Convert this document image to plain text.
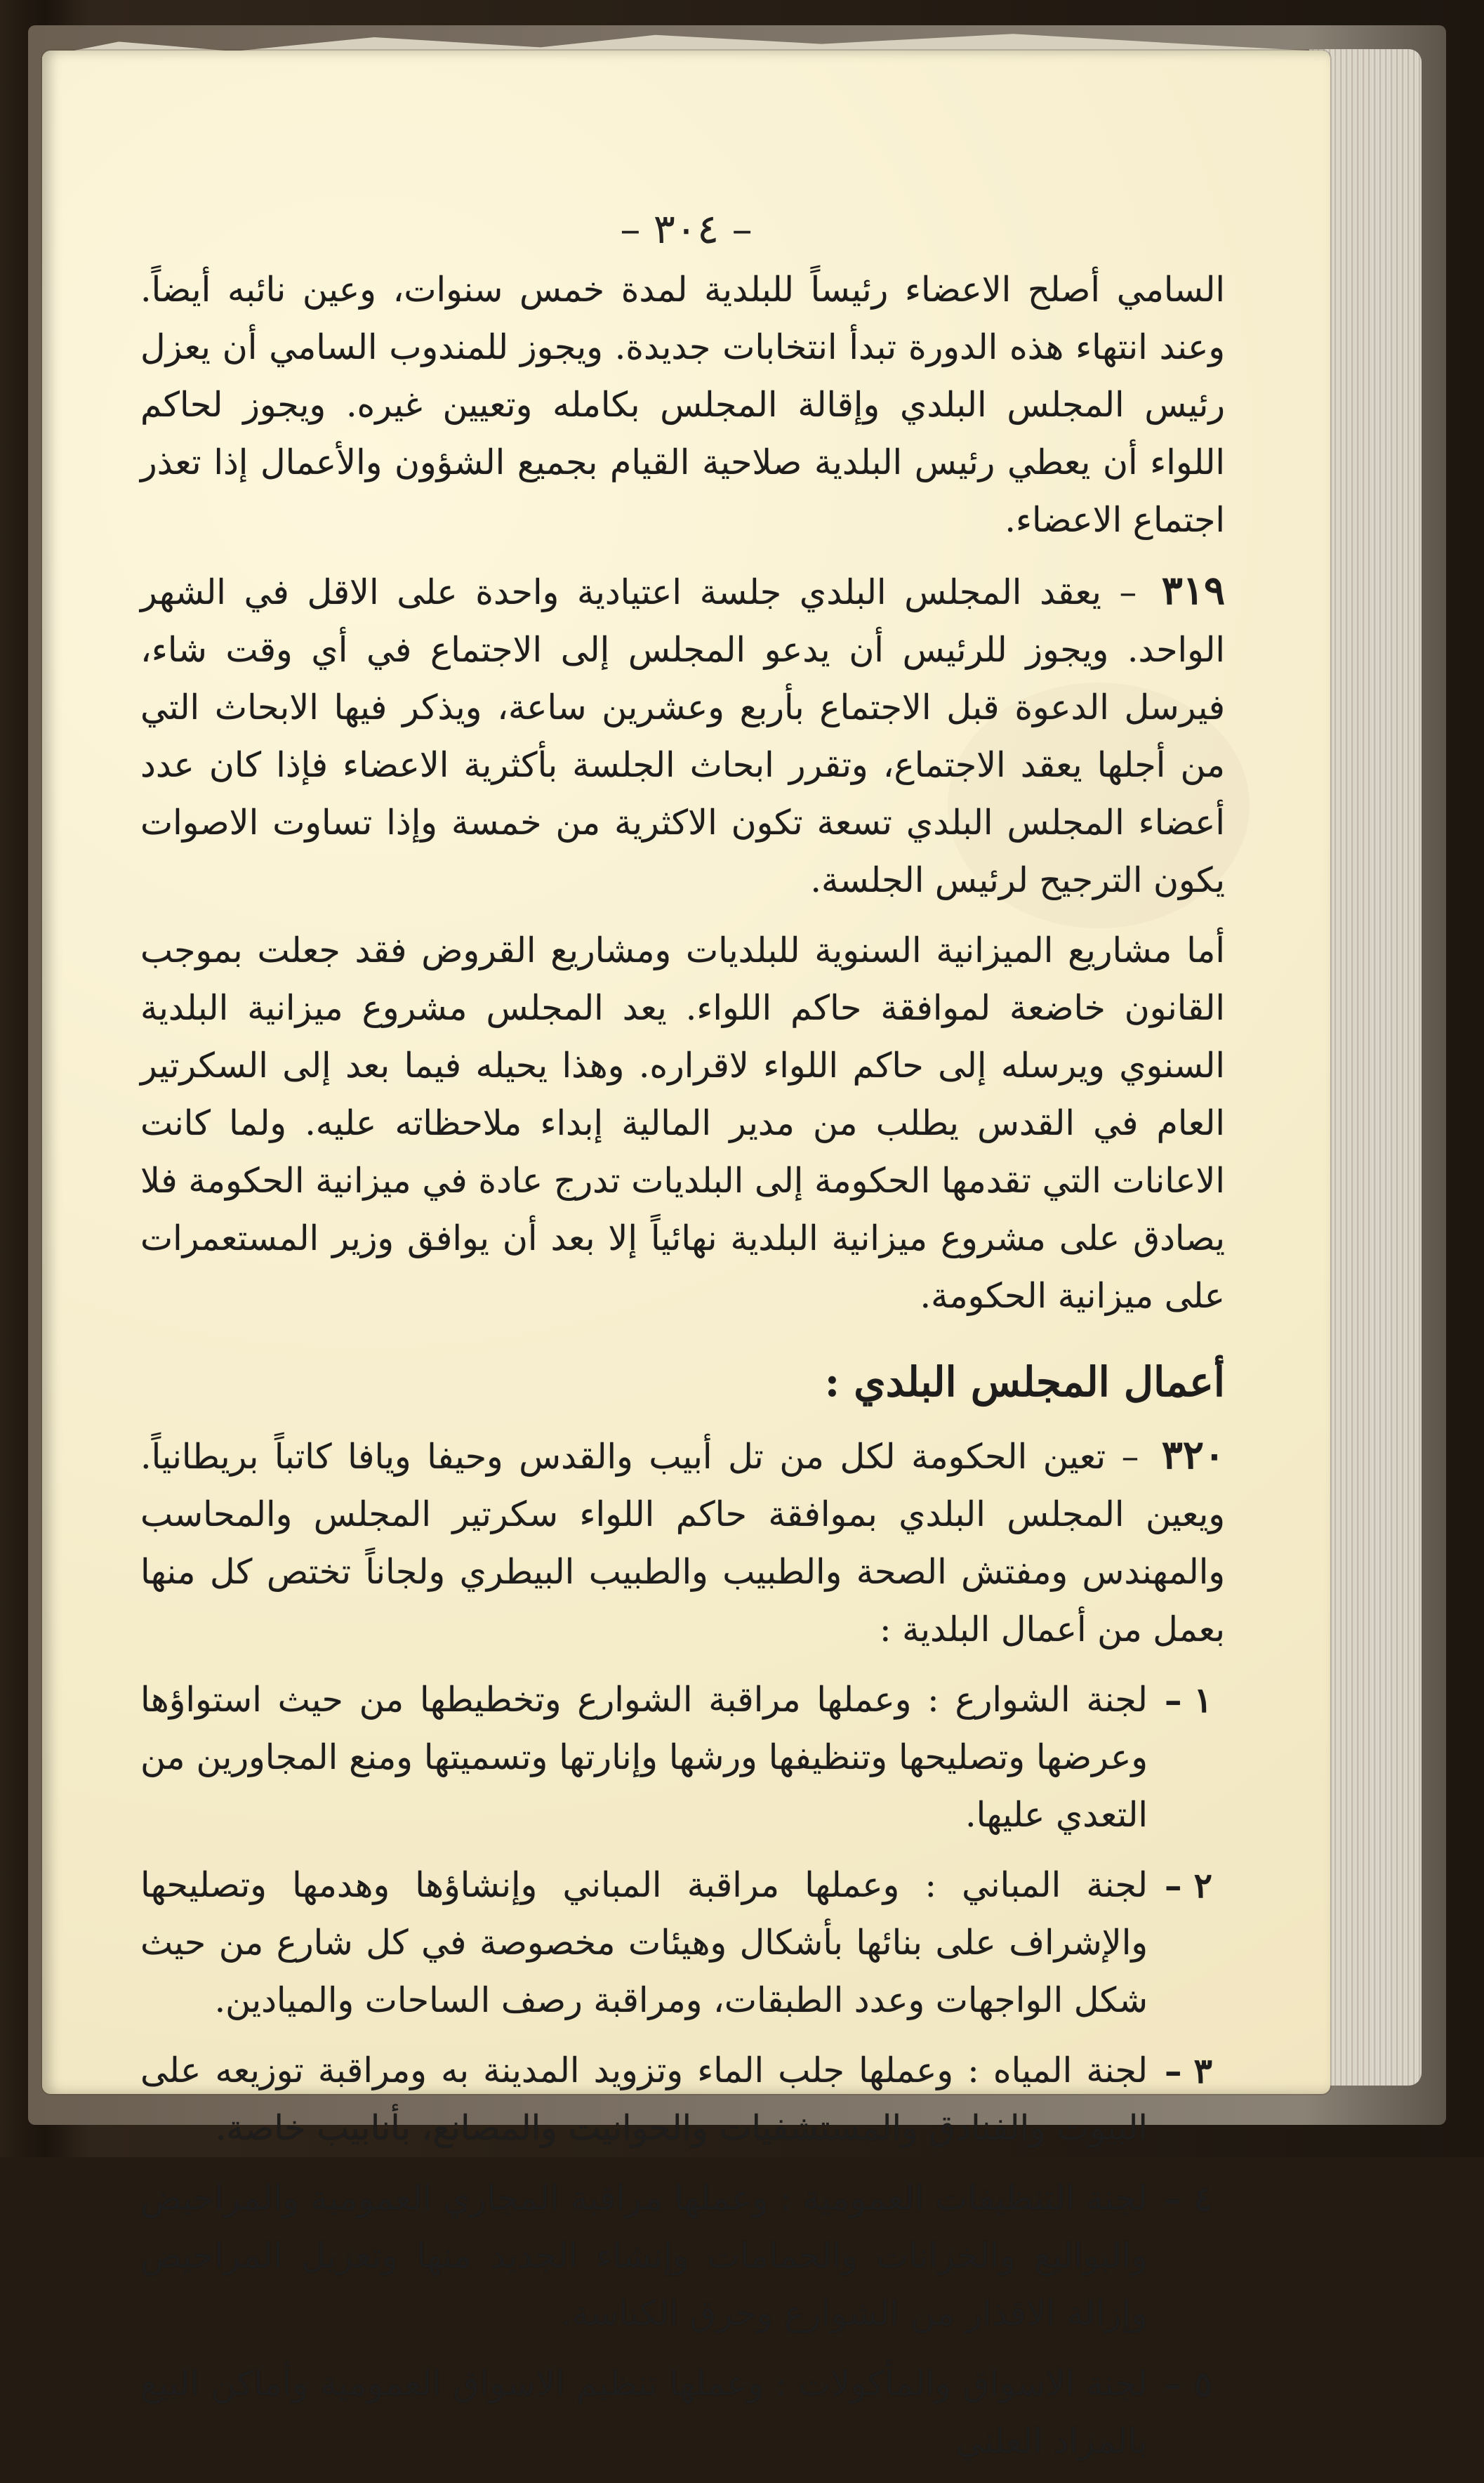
– ٣٠٤ –

السامي أصلح الاعضاء رئيساً للبلدية لمدة خمس سنوات، وعين نائبه أيضاً. وعند انتهاء هذه الدورة تبدأ انتخابات جديدة. ويجوز للمندوب السامي أن يعزل رئيس المجلس البلدي وإقالة المجلس بكامله وتعيين غيره. ويجوز لحاكم اللواء أن يعطي رئيس البلدية صلاحية القيام بجميع الشؤون والأعمال إذا تعذر اجتماع الاعضاء.

٣١٩ – يعقد المجلس البلدي جلسة اعتيادية واحدة على الاقل في الشهر الواحد. ويجوز للرئيس أن يدعو المجلس إلى الاجتماع في أي وقت شاء، فيرسل الدعوة قبل الاجتماع بأربع وعشرين ساعة، ويذكر فيها الابحاث التي من أجلها يعقد الاجتماع، وتقرر ابحاث الجلسة بأكثرية الاعضاء فإذا كان عدد أعضاء المجلس البلدي تسعة تكون الاكثرية من خمسة وإذا تساوت الاصوات يكون الترجيح لرئيس الجلسة.

أما مشاريع الميزانية السنوية للبلديات ومشاريع القروض فقد جعلت بموجب القانون خاضعة لموافقة حاكم اللواء. يعد المجلس مشروع ميزانية البلدية السنوي ويرسله إلى حاكم اللواء لاقراره. وهذا يحيله فيما بعد إلى السكرتير العام في القدس يطلب من مدير المالية إبداء ملاحظاته عليه. ولما كانت الاعانات التي تقدمها الحكومة إلى البلديات تدرج عادة في ميزانية الحكومة فلا يصادق على مشروع ميزانية البلدية نهائياً إلا بعد أن يوافق وزير المستعمرات على ميزانية الحكومة.

أعمال المجلس البلدي :

٣٢٠ – تعين الحكومة لكل من تل أبيب والقدس وحيفا ويافا كاتباً بريطانياً. ويعين المجلس البلدي بموافقة حاكم اللواء سكرتير المجلس والمحاسب والمهندس ومفتش الصحة والطبيب والطبيب البيطري ولجاناً تختص كل منها بعمل من أعمال البلدية :

١ –
لجنة الشوارع : وعملها مراقبة الشوارع وتخطيطها من حيث استواؤها وعرضها وتصليحها وتنظيفها ورشها وإنارتها وتسميتها ومنع المجاورين من التعدي عليها.
٢ –
لجنة المباني : وعملها مراقبة المباني وإنشاؤها وهدمها وتصليحها والإشراف على بنائها بأشكال وهيئات مخصوصة في كل شارع من حيث شكل الواجهات وعدد الطبقات، ومراقبة رصف الساحات والميادين.
٣ –
لجنة المياه : وعملها جلب الماء وتزويد المدينة به ومراقبة توزيعه على البيوت والفنادق والمستشفيات والحوانيت والمصانع، بأنابيب خاصة.
٤ –
لجنة التنظيفات العمومية : وعملها مراقبة المجاري العمومية والمراحيض والبواليع والخزانات والحمامات وإنشاء الجديد منها وتعزيل المراحيض وإزالة الاقذار من الشوارع وحرق الكناسة.
٥ –
لجنة الاسواق والمأكولات : وعملها تنظيم الاسواق العمومية وأماكن البيع بالمزاد العلني
